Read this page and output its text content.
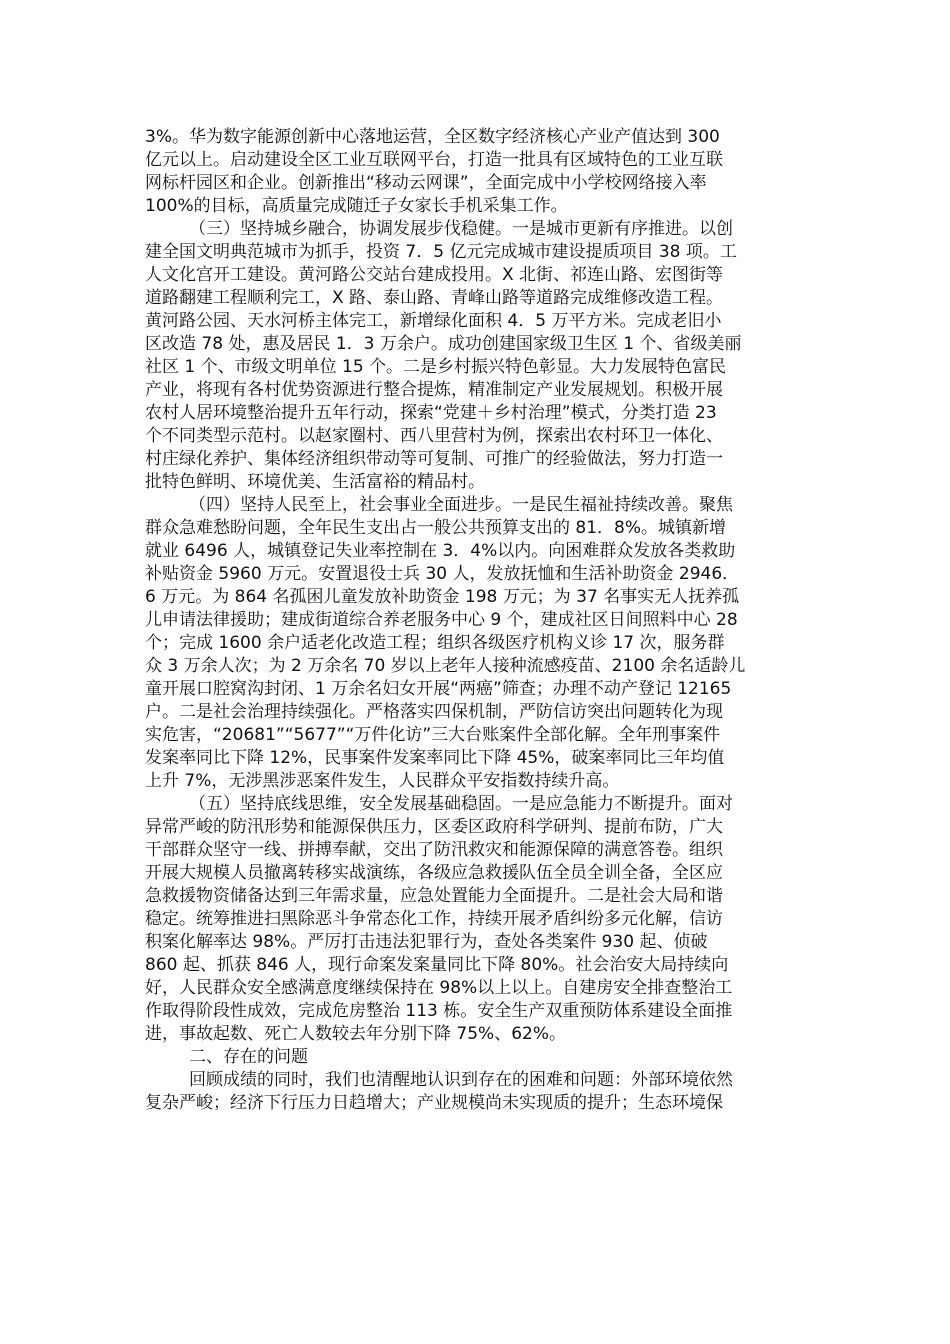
3%。华为数字能源创新中心落地运营，全区数字经济核心产业产值达到 300
亿元以上。启动建设全区工业互联网平台，打造一批具有区域特色的工业互联
网标杆园区和企业。创新推出“移动云网课”，全面完成中小学校网络接入率
100%的目标，高质量完成随迁子女家长手机采集工作。
（三）坚持城乡融合，协调发展步伐稳健。一是城市更新有序推进。以创
建全国文明典范城市为抓手，投资 7．5 亿元完成城市建设提质项目 38 项。工
人文化宫开工建设。黄河路公交站台建成投用。X 北街、祁连山路、宏图街等
道路翻建工程顺利完工，X 路、泰山路、青峰山路等道路完成维修改造工程。
黄河路公园、天水河桥主体完工，新增绿化面积 4．5 万平方米。完成老旧小
区改造 78 处，惠及居民 1．3 万余户。成功创建国家级卫生区 1 个、省级美丽
社区 1 个、市级文明单位 15 个。二是乡村振兴特色彰显。大力发展特色富民
产业，将现有各村优势资源进行整合提炼，精准制定产业发展规划。积极开展
农村人居环境整治提升五年行动，探索“党建＋乡村治理”模式，分类打造 23
个不同类型示范村。以赵家圈村、西八里营村为例，探索出农村环卫一体化、
村庄绿化养护、集体经济组织带动等可复制、可推广的经验做法，努力打造一
批特色鲜明、环境优美、生活富裕的精品村。
（四）坚持人民至上，社会事业全面进步。一是民生福祉持续改善。聚焦
群众急难愁盼问题，全年民生支出占一般公共预算支出的 81．8%。城镇新增
就业 6496 人，城镇登记失业率控制在 3．4%以内。向困难群众发放各类救助
补贴资金 5960 万元。安置退役士兵 30 人，发放抚恤和生活补助资金 2946．
6 万元。为 864 名孤困儿童发放补助资金 198 万元；为 37 名事实无人抚养孤
儿申请法律援助；建成街道综合养老服务中心 9 个，建成社区日间照料中心 28
个；完成 1600 余户适老化改造工程；组织各级医疗机构义诊 17 次，服务群
众 3 万余人次；为 2 万余名 70 岁以上老年人接种流感疫苗、2100 余名适龄儿
童开展口腔窝沟封闭、1 万余名妇女开展“两癌”筛查；办理不动产登记 12165
户。二是社会治理持续强化。严格落实四保机制，严防信访突出问题转化为现
实危害，“20681”“5677”“万件化访”三大台账案件全部化解。全年刑事案件
发案率同比下降 12%，民事案件发案率同比下降 45%，破案率同比三年均值
上升 7%，无涉黑涉恶案件发生，人民群众平安指数持续升高。
（五）坚持底线思维，安全发展基础稳固。一是应急能力不断提升。面对
异常严峻的防汛形势和能源保供压力，区委区政府科学研判、提前布防，广大
干部群众坚守一线、拼搏奉献，交出了防汛救灾和能源保障的满意答卷。组织
开展大规模人员撤离转移实战演练，各级应急救援队伍全员全训全备，全区应
急救援物资储备达到三年需求量，应急处置能力全面提升。二是社会大局和谐
稳定。统筹推进扫黑除恶斗争常态化工作，持续开展矛盾纠纷多元化解，信访
积案化解率达 98%。严厉打击违法犯罪行为，查处各类案件 930 起、侦破
860 起、抓获 846 人，现行命案发案量同比下降 80%。社会治安大局持续向
好，人民群众安全感满意度继续保持在 98%以上以上。自建房安全排查整治工
作取得阶段性成效，完成危房整治 113 栋。安全生产双重预防体系建设全面推
进，事故起数、死亡人数较去年分别下降 75%、62%。
二、存在的问题
回顾成绩的同时，我们也清醒地认识到存在的困难和问题：外部环境依然
复杂严峻；经济下行压力日趋增大；产业规模尚未实现质的提升；生态环境保
